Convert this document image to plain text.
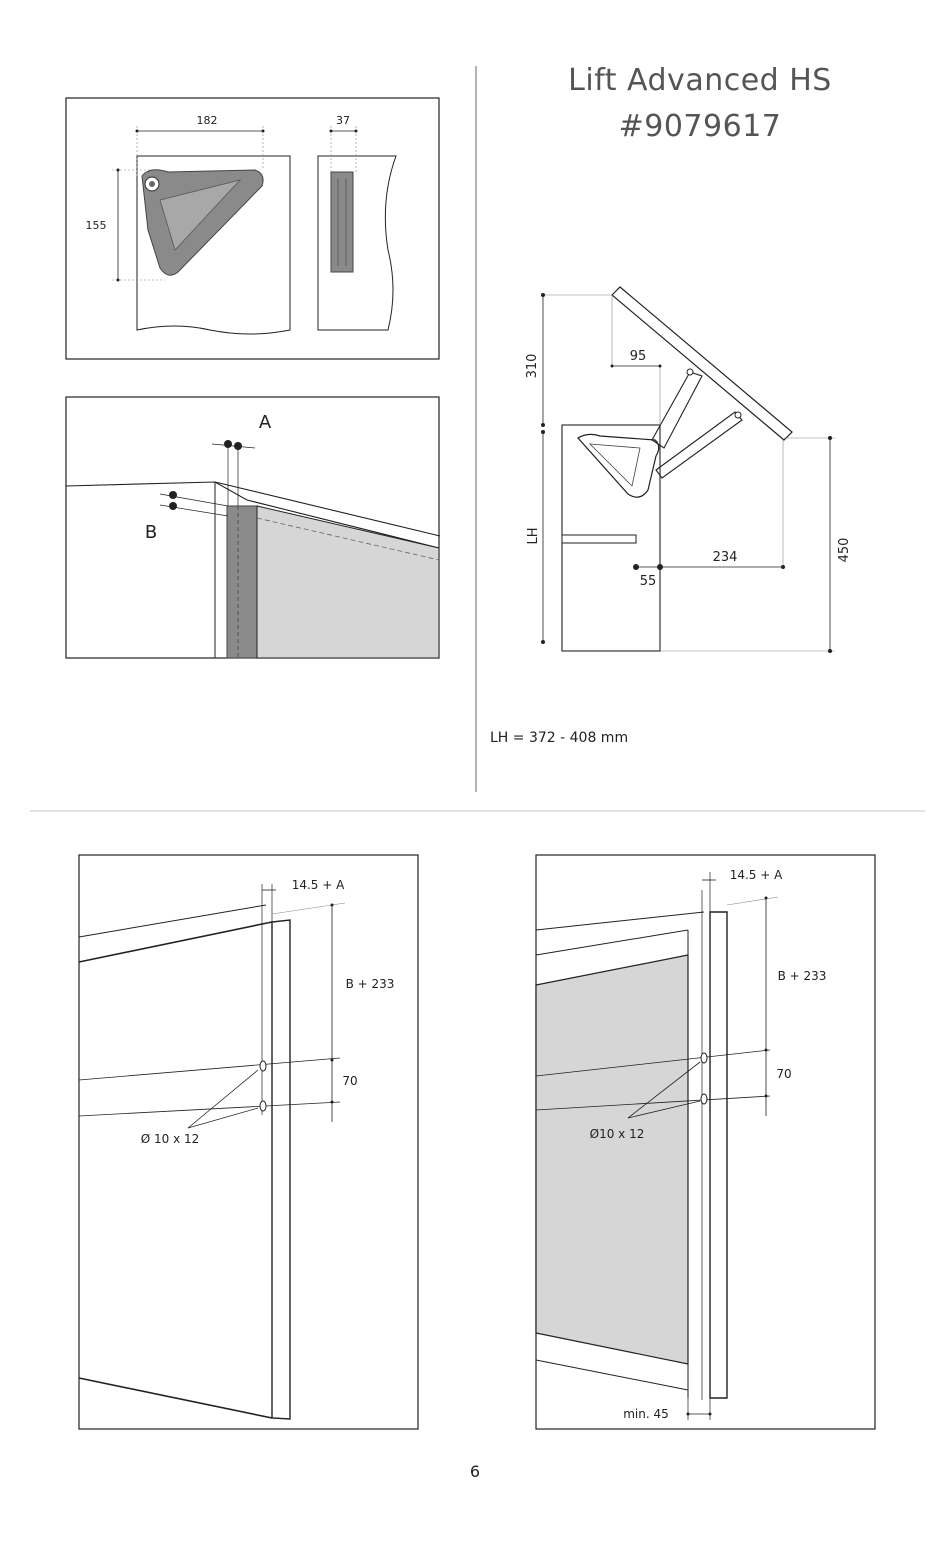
Lift Advanced HS
#9079617
182
155
37
A
B
310	95
LH
234
55
450
Ø 10 x 12
14.5 + A
B + 233
70
Ø10 x 12
14.5 + A
B + 233
70
min. 45
LH = 372 - 408 mm
6
